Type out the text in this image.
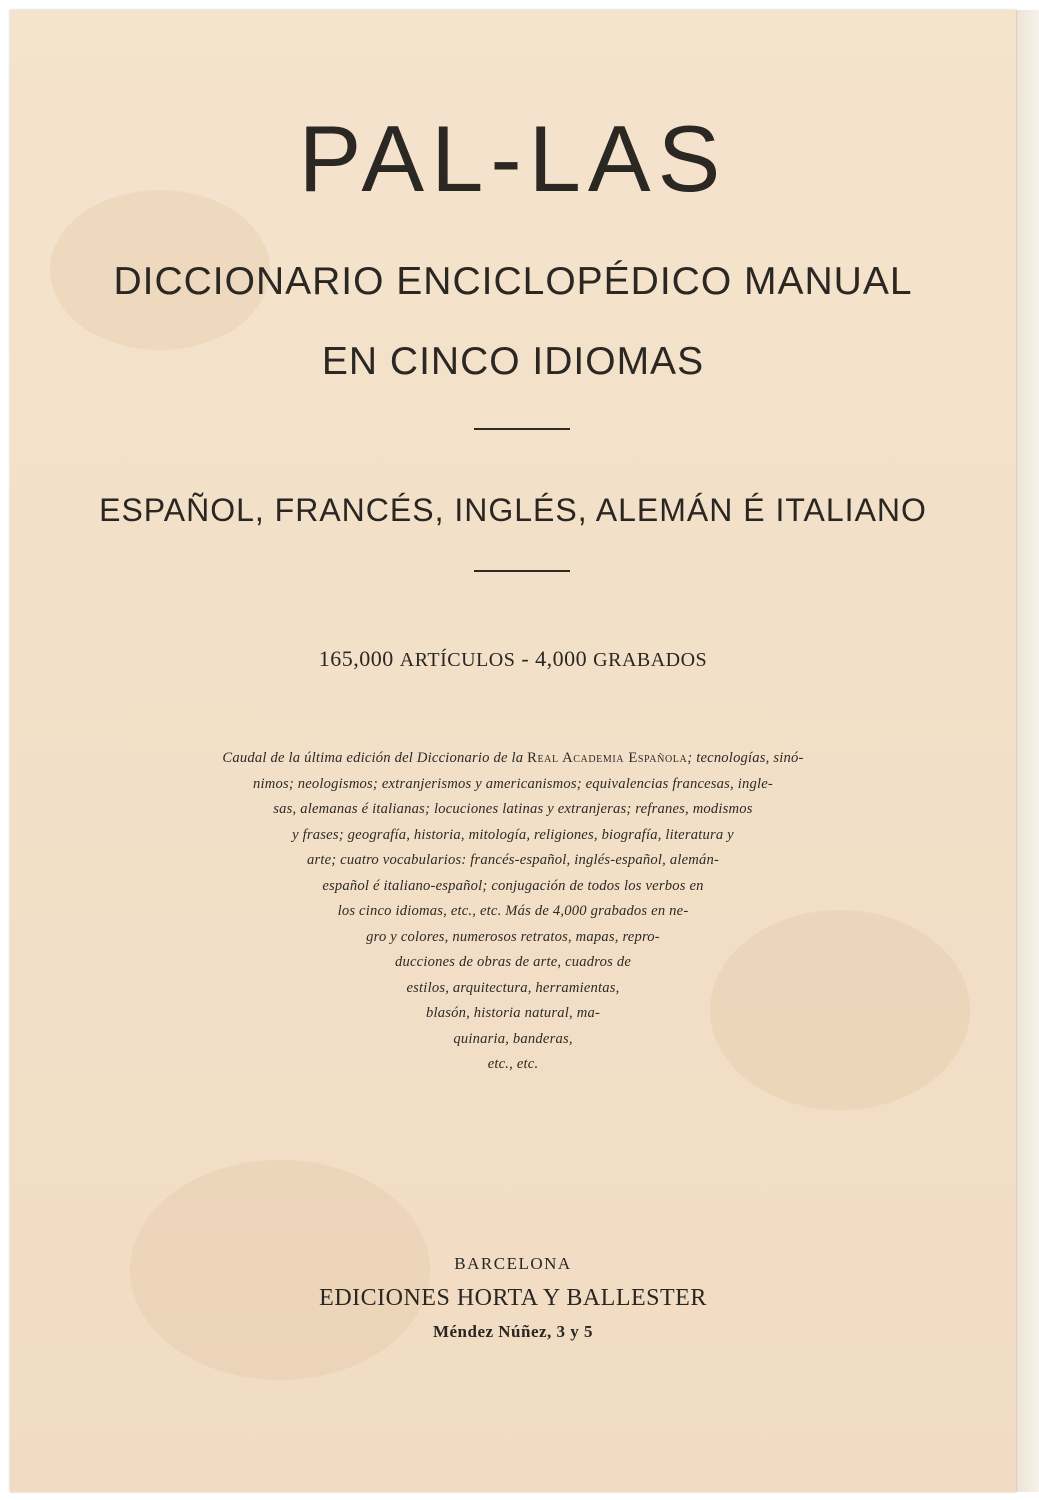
PAL-LAS
DICCIONARIO ENCICLOPÉDICO MANUAL
EN CINCO IDIOMAS
ESPAÑOL, FRANCÉS, INGLÉS, ALEMÁN É ITALIANO
165,000 ARTÍCULOS - 4,000 GRABADOS
Caudal de la última edición del Diccionario de la Real Academia Española; tecnologías, sinó-
nimos; neologismos; extranjerismos y americanismos; equivalencias francesas, ingle-
sas, alemanas é italianas; locuciones latinas y extranjeras; refranes, modismos
y frases; geografía, historia, mitología, religiones, biografía, literatura y
arte; cuatro vocabularios: francés-español, inglés-español, alemán-
español é italiano-español; conjugación de todos los verbos en
los cinco idiomas, etc., etc. Más de 4,000 grabados en ne-
gro y colores, numerosos retratos, mapas, repro-
ducciones de obras de arte, cuadros de
estilos, arquitectura, herramientas,
blasón, historia natural, ma-
quinaria, banderas,
etc., etc.
BARCELONA
EDICIONES HORTA Y BALLESTER
Méndez Núñez, 3 y 5
